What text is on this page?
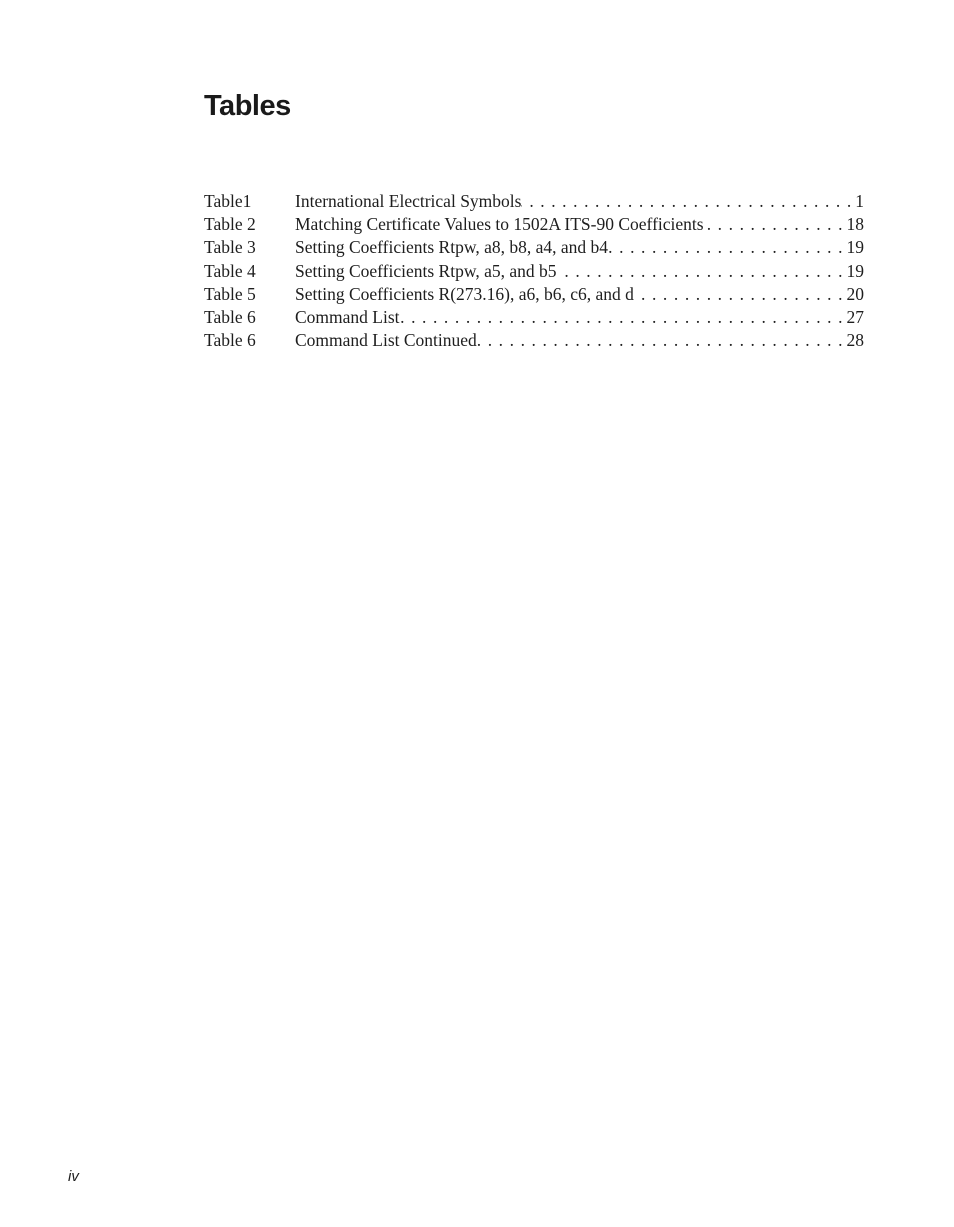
Tables
Table1	International Electrical Symbols . . .	1
Table 2	Matching Certificate Values to 1502A ITS-90 Coefficients . . .	18
Table 3	Setting Coefficients Rtpw, a8, b8, a4, and b4 . . .	19
Table 4	Setting Coefficients Rtpw, a5, and b5 . . .	19
Table 5	Setting Coefficients R(273.16), a6, b6, c6, and d . . .	20
Table 6	Command List . . .	27
Table 6	Command List Continued . . .	28
iv
